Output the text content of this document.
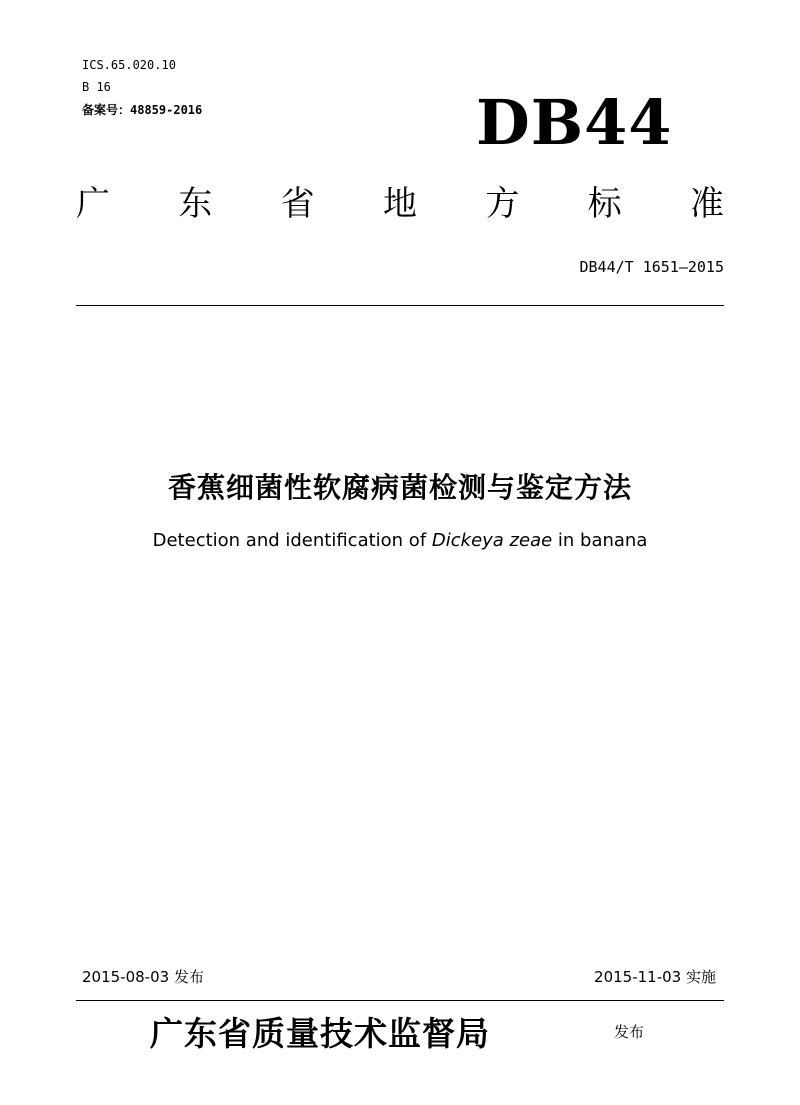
ICS.65.020.10
B 16
备案号：48859-2016	DB44
广 东 省 地 方 标 准
DB44/T 1651—2015
香蕉细菌性软腐病菌检测与鉴定方法
Detection and identification of Dickeya zeae in banana
2015-08-03 发布	2015-11-03 实施
广东省质量技术监督局	发布
